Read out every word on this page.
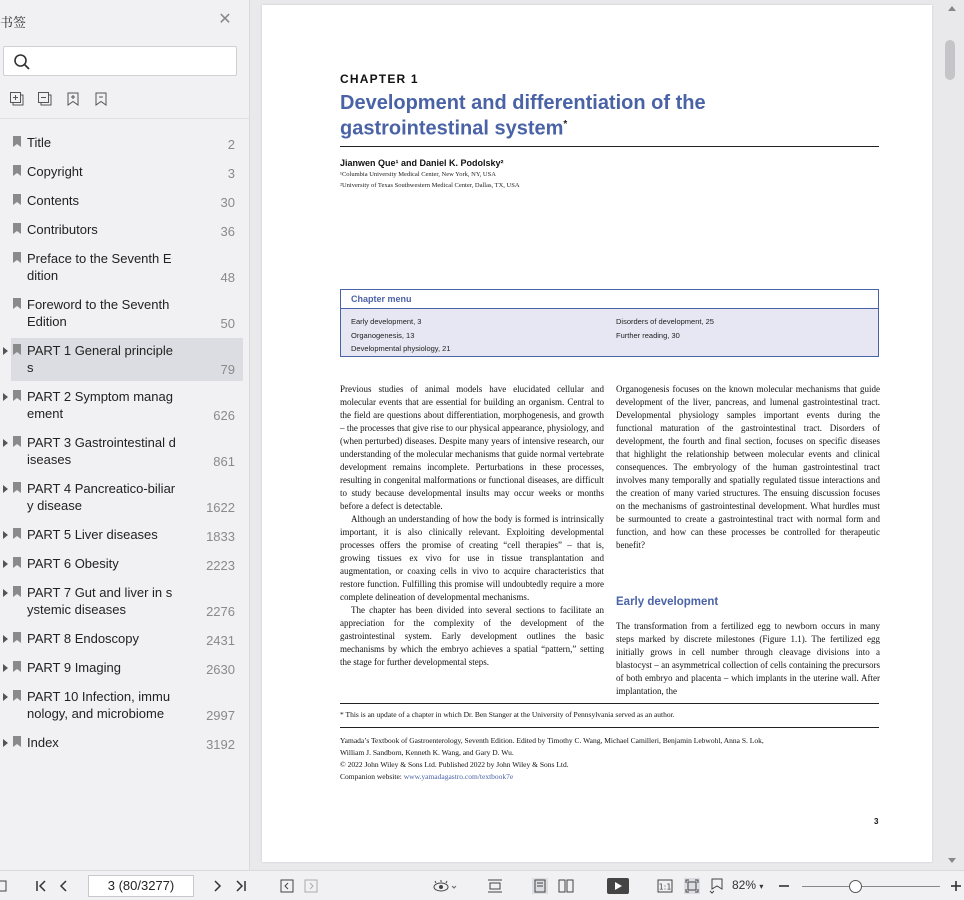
书签	✕
Title	2
Copyright	3
Contents	30
Contributors	36
Preface to the Seventh Edition	48
Foreword to the Seventh Edition	50
PART 1 General principles	79
PART 2 Symptom management	626
PART 3 Gastrointestinal diseases	861
PART 4 Pancreatico-biliary disease	1622
PART 5 Liver diseases	1833
PART 6 Obesity	2223
PART 7 Gut and liver in systemic diseases	2276
PART 8 Endoscopy	2431
PART 9 Imaging	2630
PART 10 Infection, immunology, and microbiome	2997
Index	3192
CHAPTER 1
Development and differentiation of the
gastrointestinal system*
Jianwen Que¹ and Daniel K. Podolsky²
¹Columbia University Medical Center, New York, NY, USA
²University of Texas Southwestern Medical Center, Dallas, TX, USA
Chapter menu
Early development, 3
Organogenesis, 13
Developmental physiology, 21
Disorders of development, 25
Further reading, 30

Previous studies of animal models have elucidated cellular and molecular events that are essential for building an organism. Central to the field are questions about differentiation, morphogenesis, and growth – the processes that give rise to our physical appearance, physiology, and (when perturbed) diseases. Despite many years of intensive research, our understanding of the molecular mechanisms that guide normal vertebrate development remains incomplete. Perturbations in these processes, resulting in congenital malformations or functional diseases, are difficult to study because developmental insults may occur weeks or months before a defect is detectable.

Although an understanding of how the body is formed is intrinsically important, it is also clinically relevant. Exploiting developmental processes offers the promise of creating “cell therapies” – that is, growing tissues ex vivo for use in tissue transplantation and augmentation, or coaxing cells in vivo to acquire characteristics that restore function. Fulfilling this promise will undoubtedly require a more complete delineation of developmental mechanisms.

The chapter has been divided into several sections to facilitate an appreciation for the complexity of the development of the gastrointestinal system. Early development outlines the basic mechanisms by which the embryo achieves a spatial “pattern,” setting the stage for further developmental steps.

Organogenesis focuses on the known molecular mechanisms that guide development of the liver, pancreas, and lumenal gastrointestinal tract. Developmental physiology samples important events during the functional maturation of the gastrointestinal tract. Disorders of development, the fourth and final section, focuses on specific diseases that highlight the relationship between molecular events and clinical consequences. The embryology of the human gastrointestinal tract involves many temporally and spatially regulated tissue interactions and the creation of many varied structures. The ensuing discussion focuses on the mechanisms of gastrointestinal development. What hurdles must be surmounted to create a gastrointestinal tract with normal form and function, and how can these processes be controlled for therapeutic benefit?

Early development
The transformation from a fertilized egg to newborn occurs in many steps marked by discrete milestones (Figure 1.1). The fertilized egg initially grows in cell number through cleavage divisions into a blastocyst – an asymmetrical collection of cells containing the precursors of both embryo and placenta – which implants in the uterine wall. After implantation, the
* This is an update of a chapter in which Dr. Ben Stanger at the University of Pennsylvania served as an author.
Yamada’s Textbook of Gastroenterology, Seventh Edition. Edited by Timothy C. Wang, Michael Camilleri, Benjamin Lebwohl, Anna S. Lok,
William J. Sandborn, Kenneth K. Wang, and Gary D. Wu.
© 2022 John Wiley & Sons Ltd. Published 2022 by John Wiley & Sons Ltd.
Companion website: www.yamadagastro.com/textbook7e
3
3 (80/3277)	1:1	82% ▾
